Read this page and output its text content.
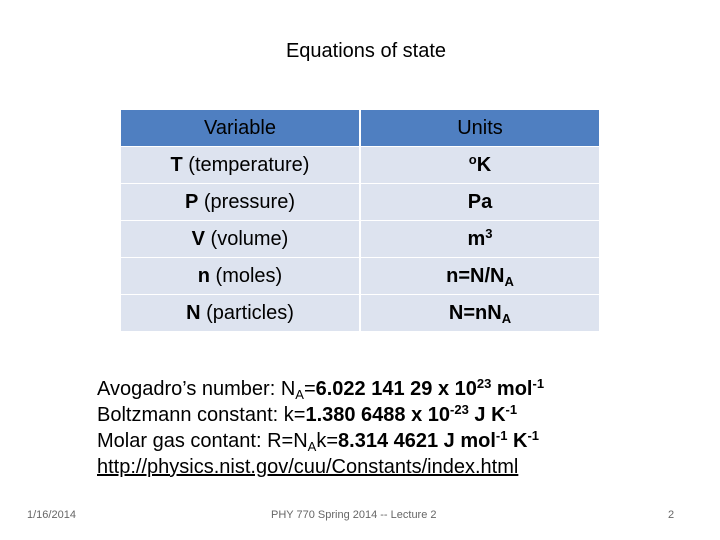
Equations of state
Variable	Units
T (temperature)	$^o$K
P (pressure)	Pa
V (volume)	$m^3$
n (moles)	$n=N/N_A$
N (particles)	$N=nN_A$
Avogadro’s number: $N_A=6.022$ 141 29 x $10^{23}$ mol$^{-1}$
Boltzmann constant: k=1.380 6488 x $10^{-23}$ J $K^{-1}$
Molar gas contant: $R=N_Ak=8.314$ 4621 J mol$^{-1}$ $K^{-1}$
http://physics.nist.gov/cuu/Constants/index.html
1/16/2014	PHY 770 Spring 2014 -- Lecture 2	2
